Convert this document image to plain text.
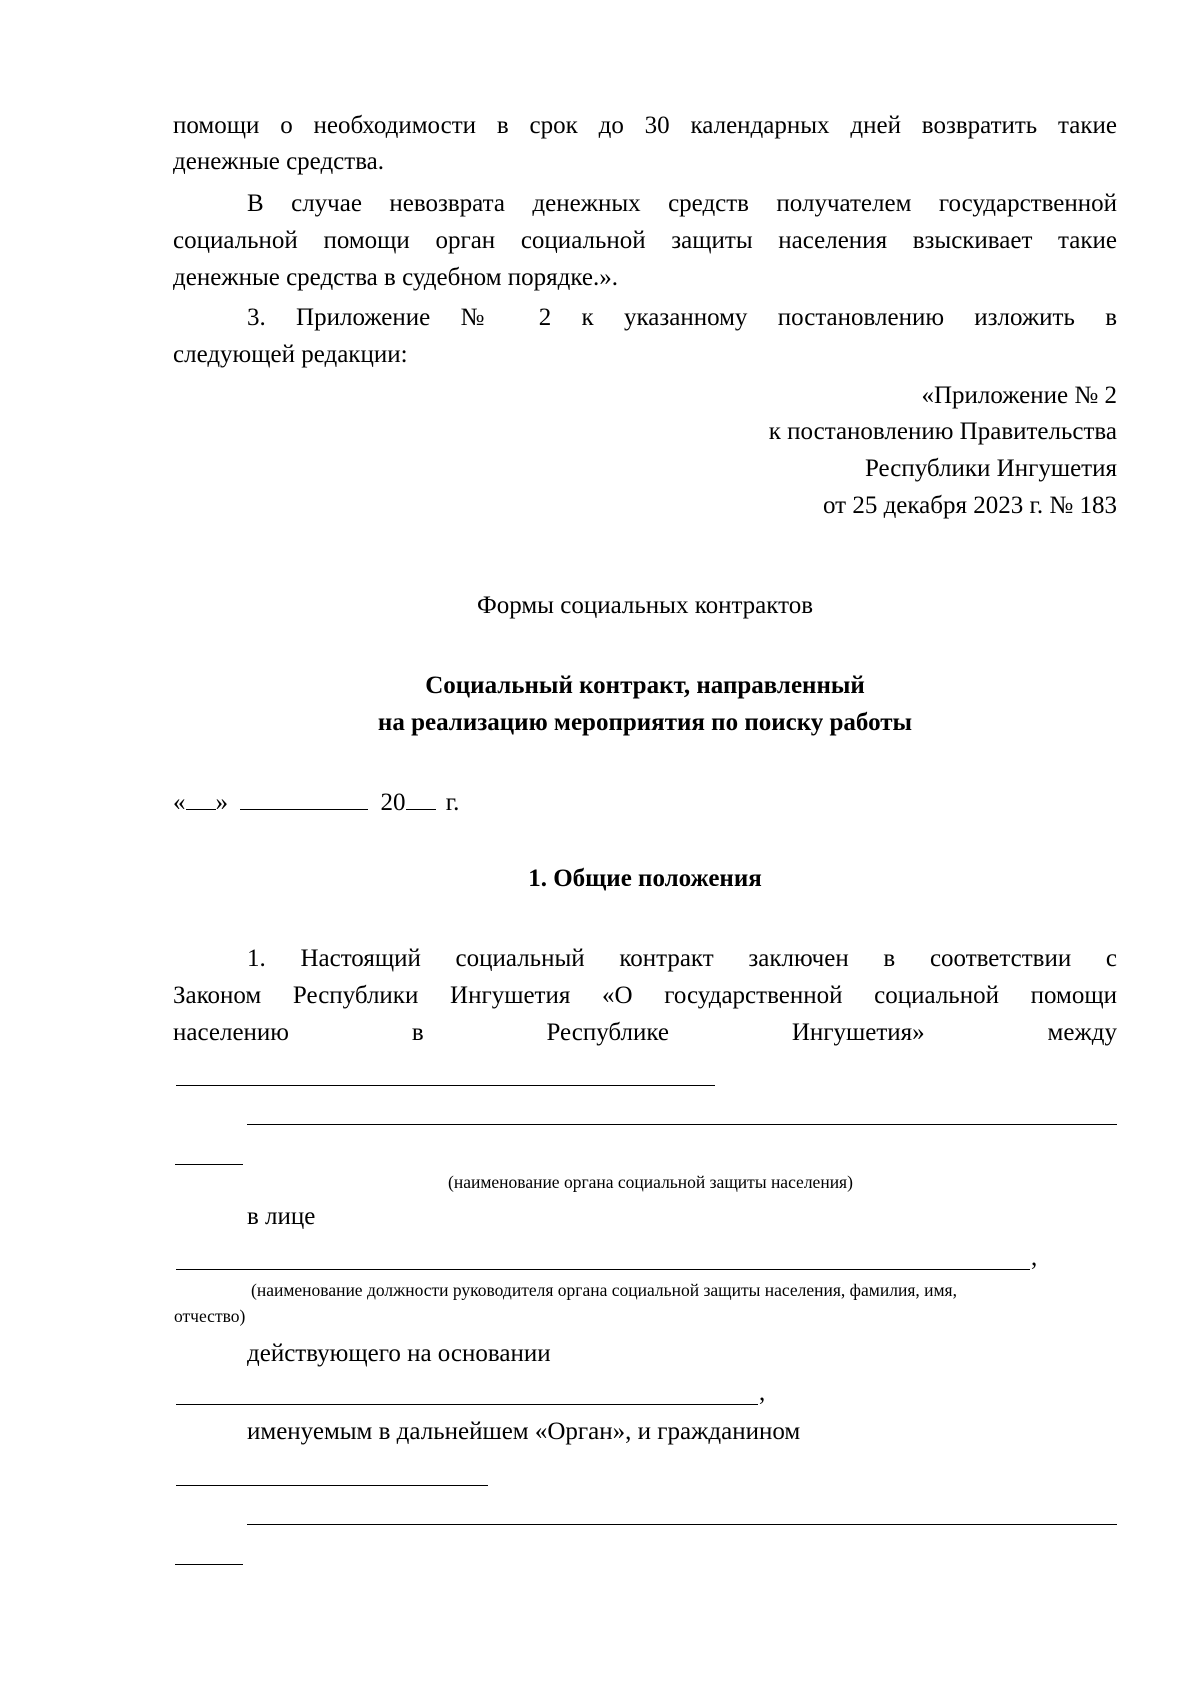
помощи о необходимости в срок до 30 календарных дней возвратить такие
денежные средства.
В случае невозврата денежных средств получателем государственной
социальной помощи орган социальной защиты населения взыскивает такие
денежные средства в судебном порядке.».
3. Приложение № 2 к указанному постановлению изложить в
следующей редакции:
«Приложение № 2
к постановлению Правительства
Республики Ингушетия
от 25 декабря 2023 г. № 183
Формы социальных контрактов
Социальный контракт, направленный
на реализацию мероприятия по поиску работы
« »	20 г.
1. Общие положения
1. Настоящий социальный контракт заключен в соответствии с
Законом Республики Ингушетия «О государственной социальной помощи
населению	в	Республике	Ингушетия»	между
(наименование органа социальной защиты населения)
в лице
,
(наименование должности руководителя органа социальной защиты населения, фамилия, имя,
отчество)
действующего на основании
,
именуемым в дальнейшем «Орган», и гражданином
